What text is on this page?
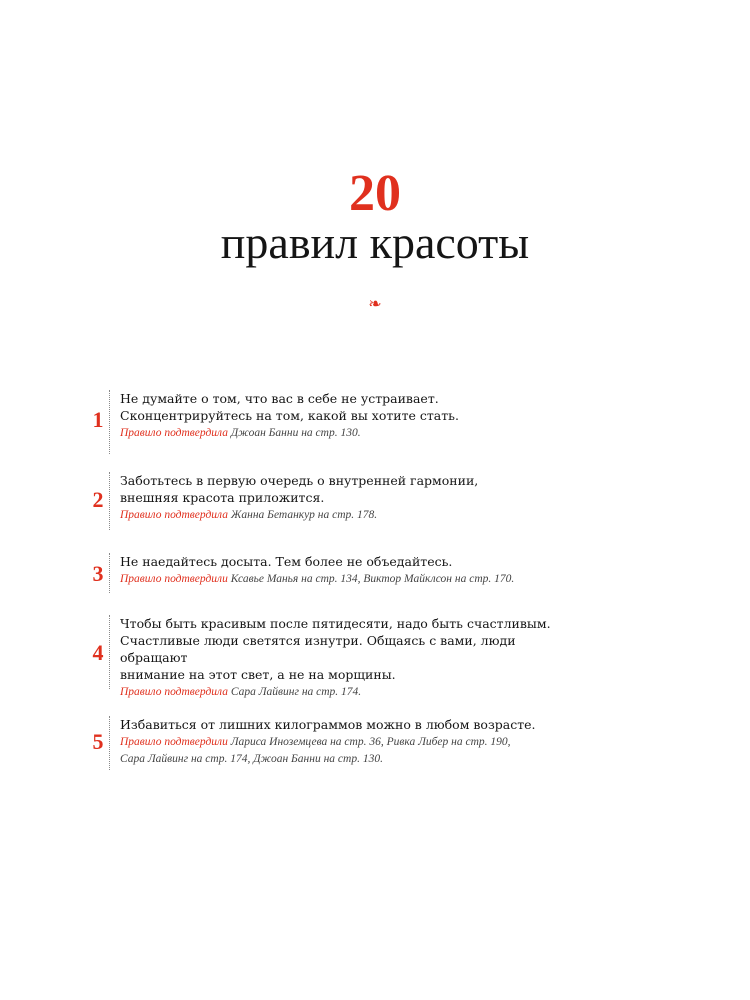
20
правил красоты
❧
1
Не думайте о том, что вас в себе не устраивает.
Сконцентрируйтесь на том, какой вы хотите стать.
Правило подтвердила Джоан Банни на стр. 130.
2
Заботьтесь в первую очередь о внутренней гармонии,
внешняя красота приложится.
Правило подтвердила Жанна Бетанкур на стр. 178.
3	Не наедайтесь досыта. Тем более не объедайтесь.
Правило подтвердили Ксавье Манья на стр. 134, Виктор Майклсон на стр. 170.
4
Чтобы быть красивым после пятидесяти, надо быть счастливым.
Счастливые люди светятся изнутри. Общаясь с вами, люди обращают
внимание на этот свет, а не на морщины.
Правило подтвердила Сара Лайвинг на стр. 174.
5
Избавиться от лишних килограммов можно в любом возрасте.
Правило подтвердили Лариса Иноземцева на стр. 36, Ривка Либер на стр. 190,
Сара Лайвинг на стр. 174, Джоан Банни на стр. 130.
